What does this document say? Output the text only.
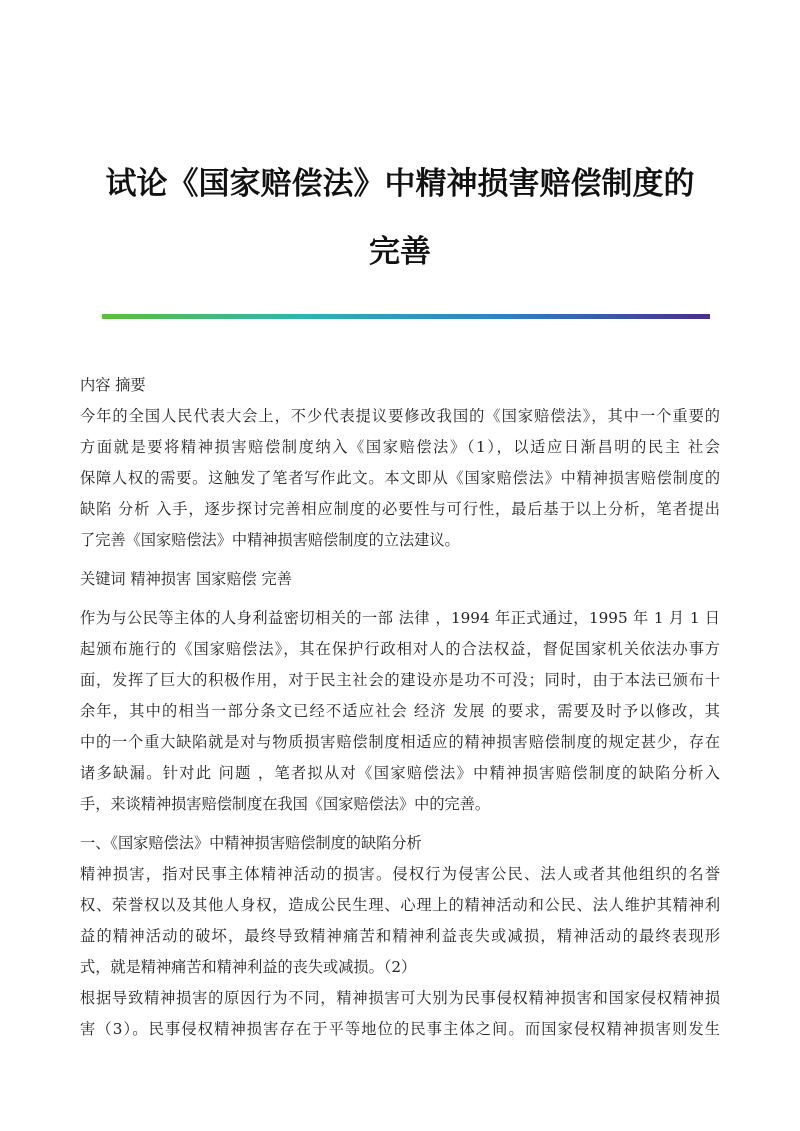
试论《国家赔偿法》中精神损害赔偿制度的
完善
内容 摘要
今年的全国人民代表大会上，不少代表提议要修改我国的《国家赔偿法》，其中一个重要的
方面就是要将精神损害赔偿制度纳入《国家赔偿法》（1），以适应日渐昌明的民主 社会
保障人权的需要。这触发了笔者写作此文。本文即从《国家赔偿法》中精神损害赔偿制度的
缺陷 分析 入手，逐步探讨完善相应制度的必要性与可行性，最后基于以上分析，笔者提出
了完善《国家赔偿法》中精神损害赔偿制度的立法建议。
关键词 精神损害 国家赔偿 完善
作为与公民等主体的人身利益密切相关的一部 法律 ，1994 年正式通过，1995 年 1 月 1 日
起颁布施行的《国家赔偿法》，其在保护行政相对人的合法权益，督促国家机关依法办事方
面，发挥了巨大的积极作用，对于民主社会的建设亦是功不可没；同时，由于本法已颁布十
余年，其中的相当一部分条文已经不适应社会 经济 发展 的要求，需要及时予以修改，其
中的一个重大缺陷就是对与物质损害赔偿制度相适应的精神损害赔偿制度的规定甚少，存在
诸多缺漏。针对此 问题 ，笔者拟从对《国家赔偿法》中精神损害赔偿制度的缺陷分析入
手，来谈精神损害赔偿制度在我国《国家赔偿法》中的完善。
一、《国家赔偿法》中精神损害赔偿制度的缺陷分析
精神损害，指对民事主体精神活动的损害。侵权行为侵害公民、法人或者其他组织的名誉
权、荣誉权以及其他人身权，造成公民生理、心理上的精神活动和公民、法人维护其精神利
益的精神活动的破坏，最终导致精神痛苦和精神利益丧失或减损，精神活动的最终表现形
式，就是精神痛苦和精神利益的丧失或减损。（2）
根据导致精神损害的原因行为不同，精神损害可大别为民事侵权精神损害和国家侵权精神损
害（3）。民事侵权精神损害存在于平等地位的民事主体之间。而国家侵权精神损害则发生
